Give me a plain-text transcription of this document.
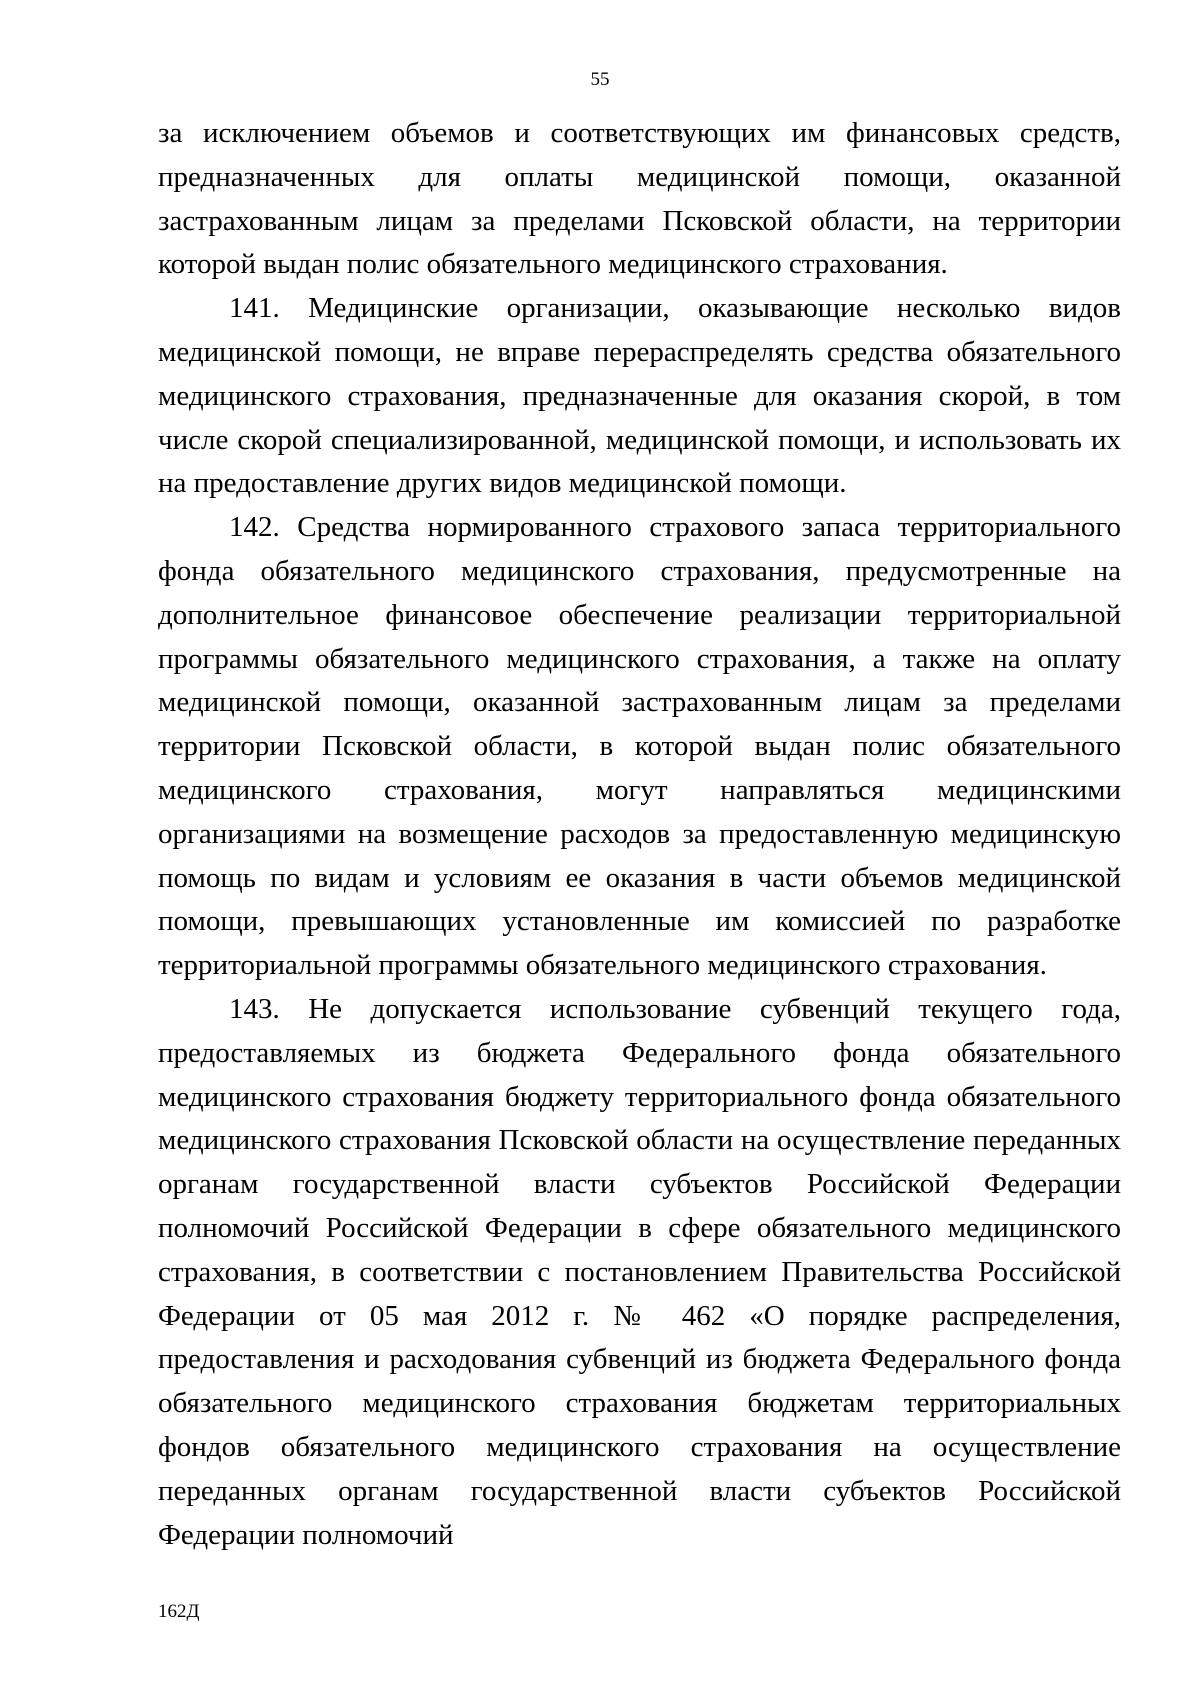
55

за исключением объемов и соответствующих им финансовых средств, предназначенных для оплаты медицинской помощи, оказанной застрахованным лицам за пределами Псковской области, на территории которой выдан полис обязательного медицинского страхования.

141. Медицинские организации, оказывающие несколько видов медицинской помощи, не вправе перераспределять средства обязательного медицинского страхования, предназначенные для оказания скорой, в том числе скорой специализированной, медицинской помощи, и использовать их на предоставление других видов медицинской помощи.

142. Средства нормированного страхового запаса территориального фонда обязательного медицинского страхования, предусмотренные на дополнительное финансовое обеспечение реализации территориальной программы обязательного медицинского страхования, а также на оплату медицинской помощи, оказанной застрахованным лицам за пределами территории Псковской области, в которой выдан полис обязательного медицинского страхования, могут направляться медицинскими организациями на возмещение расходов за предоставленную медицинскую помощь по видам и условиям ее оказания в части объемов медицинской помощи, превышающих установленные им комиссией по разработке территориальной программы обязательного медицинского страхования.

143. Не допускается использование субвенций текущего года, предоставляемых из бюджета Федерального фонда обязательного медицинского страхования бюджету территориального фонда обязательного медицинского страхования Псковской области на осуществление переданных органам государственной власти субъектов Российской Федерации полномочий Российской Федерации в сфере обязательного медицинского страхования, в соответствии с постановлением Правительства Российской Федерации от 05 мая 2012 г. № 462 «О порядке распределения, предоставления и расходования субвенций из бюджета Федерального фонда обязательного медицинского страхования бюджетам территориальных фондов обязательного медицинского страхования на осуществление переданных органам государственной власти субъектов Российской Федерации полномочий

162Д
